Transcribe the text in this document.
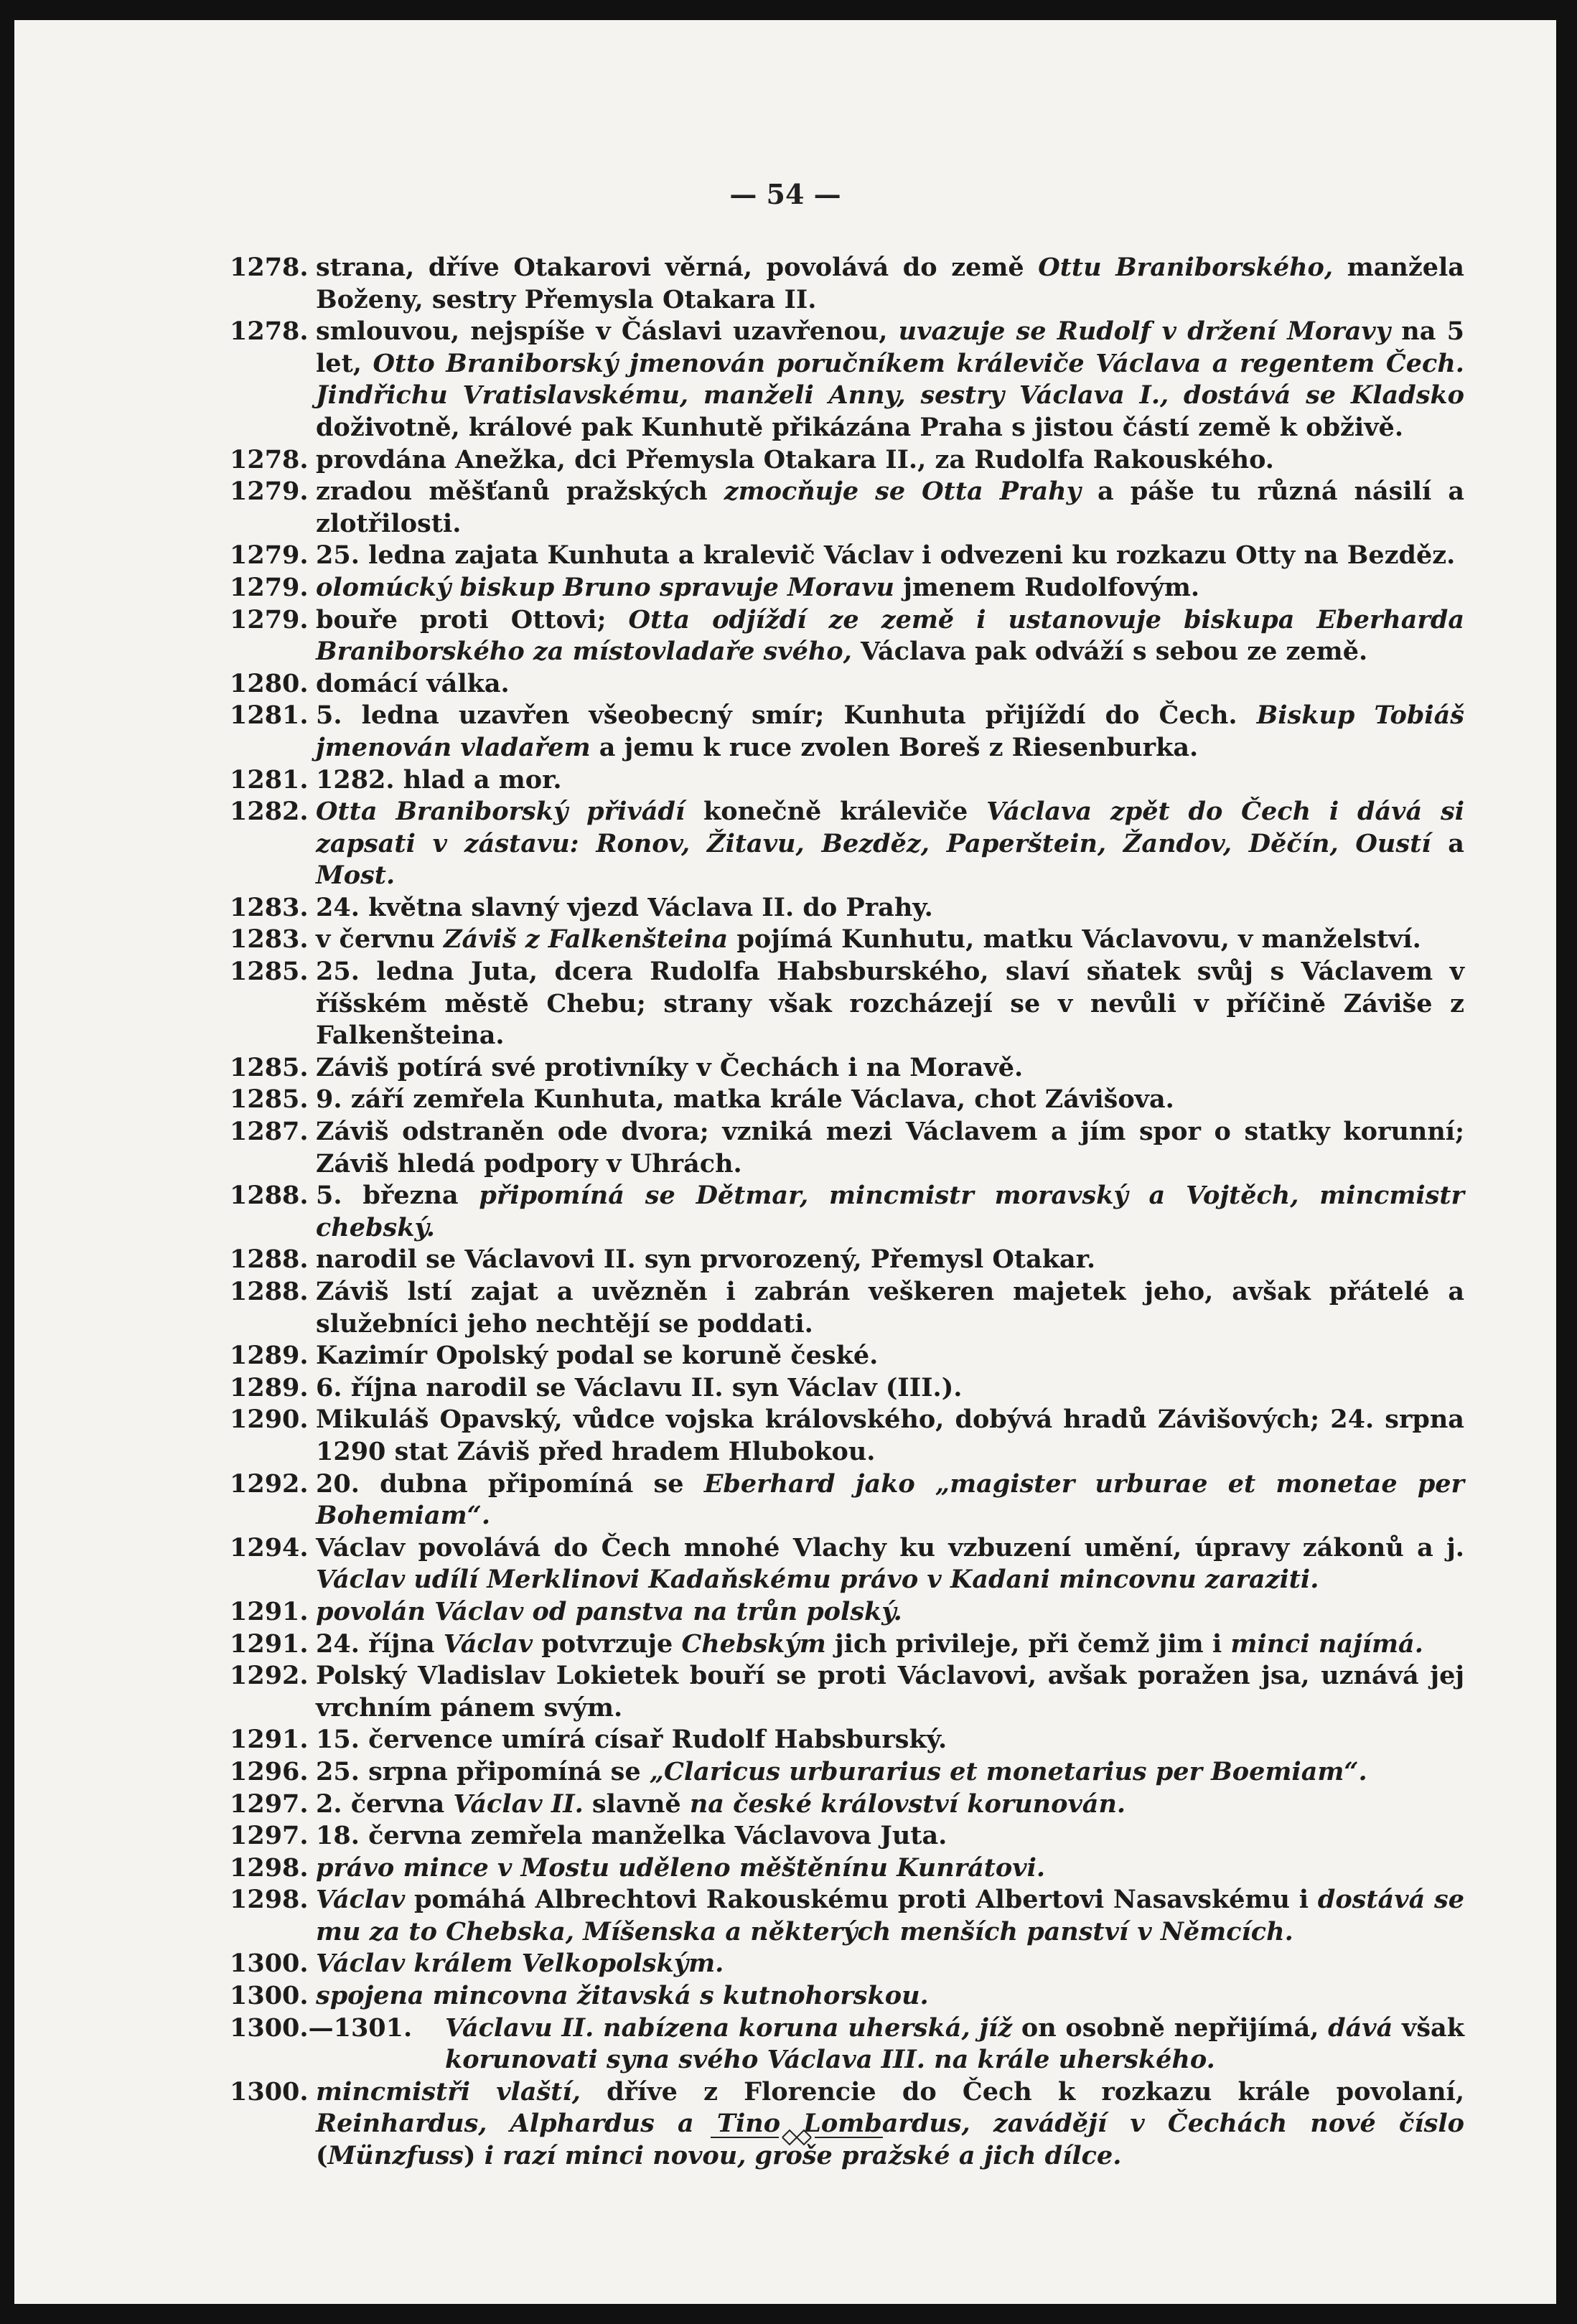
— 54 —
1278. strana, dříve Otakarovi věrná, povolává do země Ottu Braniborského, manžela Boženy, sestry Přemysla Otakara II.
1278. smlouvou, nejspíše v Čáslavi uzavřenou, uvazuje se Rudolf v držení Moravy na 5 let, Otto Braniborský jmenován poručníkem králeviče Václava a regentem Čech. Jindřichu Vratislavskému, manželi Anny, sestry Václava I., dostává se Kladsko doživotně, králové pak Kunhutě přikázána Praha s jistou částí země k obživě.
1278. provdána Anežka, dci Přemysla Otakara II., za Rudolfa Rakouského.
1279. zradou měšťanů pražských zmocňuje se Otta Prahy a páše tu různá násilí a zlotřilosti.
1279. 25. ledna zajata Kunhuta a kralevič Václav i odvezeni ku rozkazu Otty na Bezděz.
1279. olomúcký biskup Bruno spravuje Moravu jmenem Rudolfovým.
1279. bouře proti Ottovi; Otta odjíždí ze země i ustanovuje biskupa Eberharda Braniborského za místovladaře svého, Václava pak odváží s sebou ze země.
1280. domácí válka.
1281. 5. ledna uzavřen všeobecný smír; Kunhuta přijíždí do Čech. Biskup Tobiáš jmenován vladařem a jemu k ruce zvolen Boreš z Riesenburka.
1281. 1282. hlad a mor.
1282. Otta Braniborský přivádí konečně králeviče Václava zpět do Čech i dává si zapsati v zástavu: Ronov, Žitavu, Bezděz, Paperštein, Žandov, Děčín, Oustí a Most.
1283. 24. května slavný vjezd Václava II. do Prahy.
1283. v červnu Záviš z Falkenšteina pojímá Kunhutu, matku Václavovu, v manželství.
1285. 25. ledna Juta, dcera Rudolfa Habsburského, slaví sňatek svůj s Václavem v říšském městě Chebu; strany však rozcházejí se v nevůli v příčině Záviše z Falkenšteina.
1285. Záviš potírá své protivníky v Čechách i na Moravě.
1285. 9. září zemřela Kunhuta, matka krále Václava, chot Závišova.
1287. Záviš odstraněn ode dvora; vzniká mezi Václavem a jím spor o statky korunní; Záviš hledá podpory v Uhrách.
1288. 5. března připomíná se Dětmar, mincmistr moravský a Vojtěch, mincmistr chebský.
1288. narodil se Václavovi II. syn prvorozený, Přemysl Otakar.
1288. Záviš lstí zajat a uvězněn i zabrán veškeren majetek jeho, avšak přátelé a služebníci jeho nechtějí se poddati.
1289. Kazimír Opolský podal se koruně české.
1289. 6. října narodil se Václavu II. syn Václav (III.).
1290. Mikuláš Opavský, vůdce vojska královského, dobývá hradů Závišových; 24. srpna 1290 stat Záviš před hradem Hlubokou.
1292. 20. dubna připomíná se Eberhard jako „magister urburae et monetae per Bohemiam“.
1294. Václav povolává do Čech mnohé Vlachy ku vzbuzení umění, úpravy zákonů a j. Václav udílí Merklinovi Kadaňskému právo v Kadani mincovnu zaraziti.
1291. povolán Václav od panstva na trůn polský.
1291. 24. října Václav potvrzuje Chebským jich privileje, při čemž jim i minci najímá.
1292. Polský Vladislav Lokietek bouří se proti Václavovi, avšak poražen jsa, uznává jej vrchním pánem svým.
1291. 15. července umírá císař Rudolf Habsburský.
1296. 25. srpna připomíná se „Claricus urburarius et monetarius per Boemiam“.
1297. 2. června Václav II. slavně na české království korunován.
1297. 18. června zemřela manželka Václavova Juta.
1298. právo mince v Mostu uděleno měštěnínu Kunrátovi.
1298. Václav pomáhá Albrechtovi Rakouskému proti Albertovi Nasavskému i dostává se mu za to Chebska, Míšenska a některých menších panství v Němcích.
1300. Václav králem Velkopolským.
1300. spojena mincovna žitavská s kutnohorskou.
1300.—1301.	Václavu II. nabízena koruna uherská, jíž on osobně nepřijímá, dává však korunovati syna svého Václava III. na krále uherského.
1300. mincmistři vlaští, dříve z Florencie do Čech k rozkazu krále povolaní, Reinhardus, Alphardus a Tino Lombardus, zavádějí v Čechách nové číslo (Münzfuss) i razí minci novou, groše pražské a jich dílce.
